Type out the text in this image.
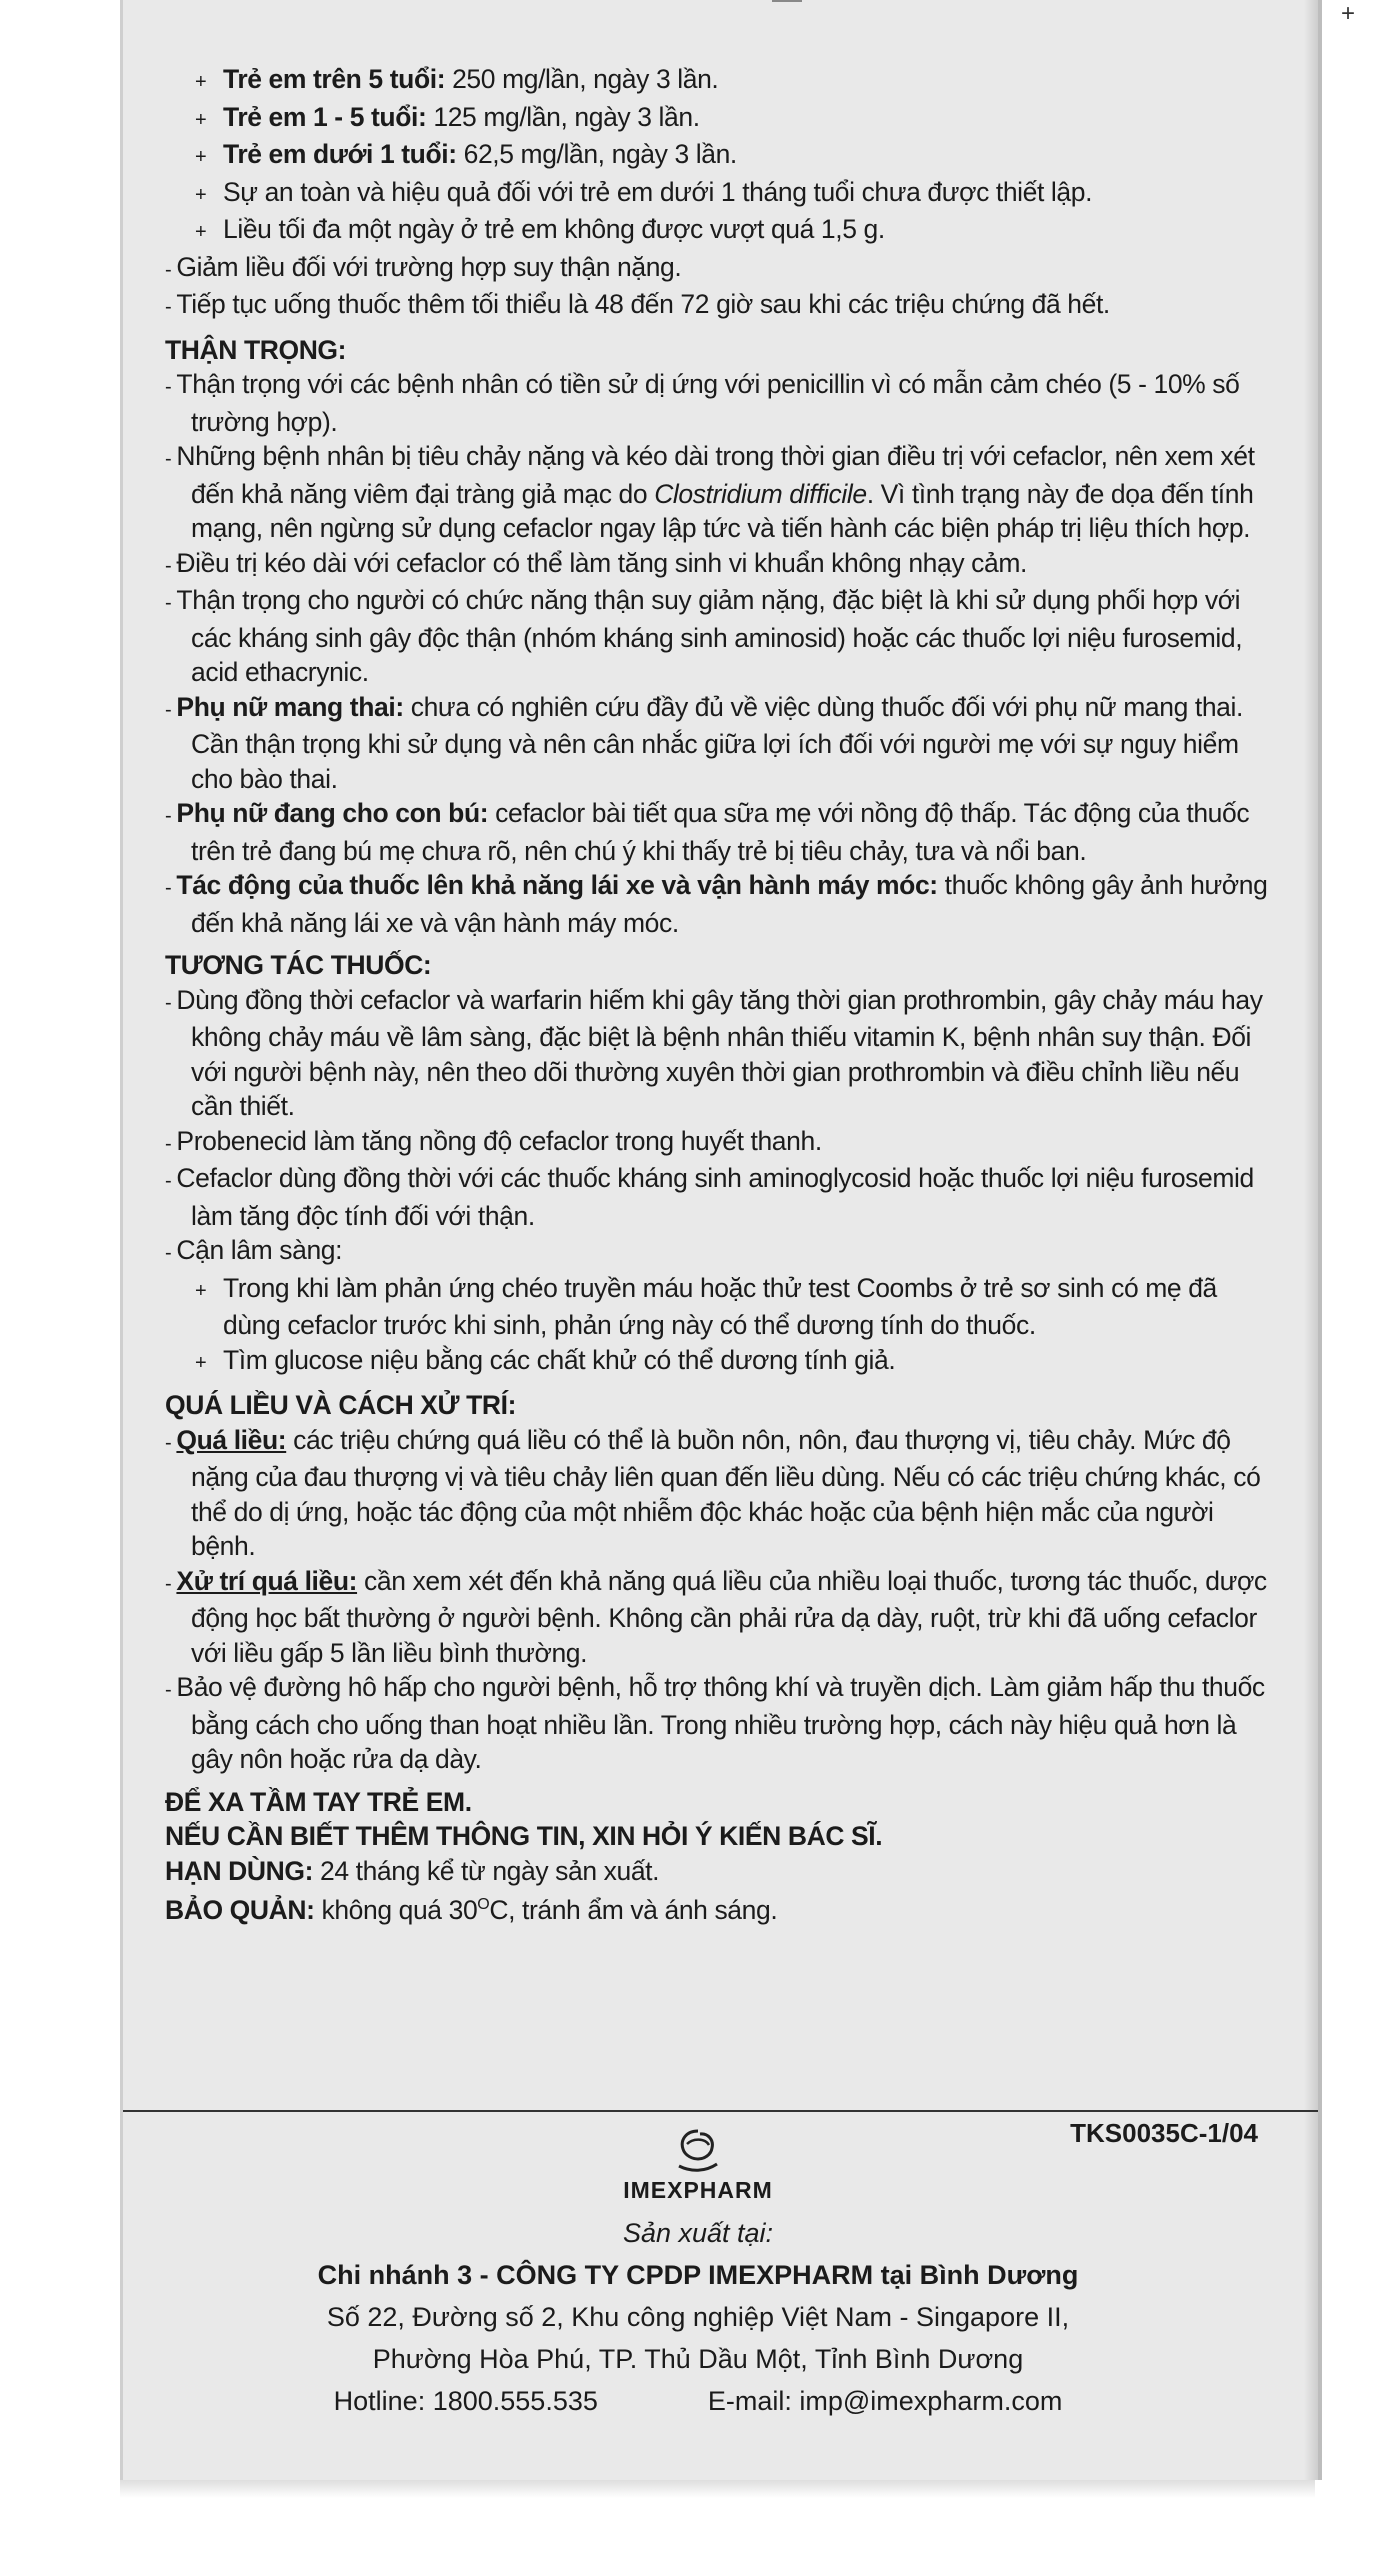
+ Trẻ em trên 5 tuổi: 250 mg/lần, ngày 3 lần.

+ Trẻ em 1 - 5 tuổi: 125 mg/lần, ngày 3 lần.

+ Trẻ em dưới 1 tuổi: 62,5 mg/lần, ngày 3 lần.

+ Sự an toàn và hiệu quả đối với trẻ em dưới 1 tháng tuổi chưa được thiết lập.

+ Liều tối đa một ngày ở trẻ em không được vượt quá 1,5 g.

- Giảm liều đối với trường hợp suy thận nặng.

- Tiếp tục uống thuốc thêm tối thiểu là 48 đến 72 giờ sau khi các triệu chứng đã hết.

THẬN TRỌNG:

- Thận trọng với các bệnh nhân có tiền sử dị ứng với penicillin vì có mẫn cảm chéo (5 - 10% số trường hợp).

- Những bệnh nhân bị tiêu chảy nặng và kéo dài trong thời gian điều trị với cefaclor, nên xem xét đến khả năng viêm đại tràng giả mạc do Clostridium difficile. Vì tình trạng này đe dọa đến tính mạng, nên ngừng sử dụng cefaclor ngay lập tức và tiến hành các biện pháp trị liệu thích hợp.

- Điều trị kéo dài với cefaclor có thể làm tăng sinh vi khuẩn không nhạy cảm.

- Thận trọng cho người có chức năng thận suy giảm nặng, đặc biệt là khi sử dụng phối hợp với các kháng sinh gây độc thận (nhóm kháng sinh aminosid) hoặc các thuốc lợi niệu furosemid, acid ethacrynic.

- Phụ nữ mang thai: chưa có nghiên cứu đầy đủ về việc dùng thuốc đối với phụ nữ mang thai. Cần thận trọng khi sử dụng và nên cân nhắc giữa lợi ích đối với người mẹ với sự nguy hiểm cho bào thai.

- Phụ nữ đang cho con bú: cefaclor bài tiết qua sữa mẹ với nồng độ thấp. Tác động của thuốc trên trẻ đang bú mẹ chưa rõ, nên chú ý khi thấy trẻ bị tiêu chảy, tưa và nổi ban.

- Tác động của thuốc lên khả năng lái xe và vận hành máy móc: thuốc không gây ảnh hưởng đến khả năng lái xe và vận hành máy móc.

TƯƠNG TÁC THUỐC:

- Dùng đồng thời cefaclor và warfarin hiếm khi gây tăng thời gian prothrombin, gây chảy máu hay không chảy máu về lâm sàng, đặc biệt là bệnh nhân thiếu vitamin K, bệnh nhân suy thận. Đối với người bệnh này, nên theo dõi thường xuyên thời gian prothrombin và điều chỉnh liều nếu cần thiết.

- Probenecid làm tăng nồng độ cefaclor trong huyết thanh.

- Cefaclor dùng đồng thời với các thuốc kháng sinh aminoglycosid hoặc thuốc lợi niệu furosemid làm tăng độc tính đối với thận.

- Cận lâm sàng:

+ Trong khi làm phản ứng chéo truyền máu hoặc thử test Coombs ở trẻ sơ sinh có mẹ đã dùng cefaclor trước khi sinh, phản ứng này có thể dương tính do thuốc.

+ Tìm glucose niệu bằng các chất khử có thể dương tính giả.

QUÁ LIỀU VÀ CÁCH XỬ TRÍ:

- Quá liều: các triệu chứng quá liều có thể là buồn nôn, nôn, đau thượng vị, tiêu chảy. Mức độ nặng của đau thượng vị và tiêu chảy liên quan đến liều dùng. Nếu có các triệu chứng khác, có thể do dị ứng, hoặc tác động của một nhiễm độc khác hoặc của bệnh hiện mắc của người bệnh.

- Xử trí quá liều: cần xem xét đến khả năng quá liều của nhiều loại thuốc, tương tác thuốc, dược động học bất thường ở người bệnh. Không cần phải rửa dạ dày, ruột, trừ khi đã uống cefaclor với liều gấp 5 lần liều bình thường.

- Bảo vệ đường hô hấp cho người bệnh, hỗ trợ thông khí và truyền dịch. Làm giảm hấp thu thuốc bằng cách cho uống than hoạt nhiều lần. Trong nhiều trường hợp, cách này hiệu quả hơn là gây nôn hoặc rửa dạ dày.

ĐỂ XA TẦM TAY TRẺ EM.

NẾU CẦN BIẾT THÊM THÔNG TIN, XIN HỎI Ý KIẾN BÁC SĨ.

HẠN DÙNG: 24 tháng kể từ ngày sản xuất.

BẢO QUẢN: không quá $30^OC$, tránh ẩm và ánh sáng.

TKS0035C-1/04
IMEXPHARM
Sản xuất tại:
Chi nhánh 3 - CÔNG TY CPDP IMEXPHARM tại Bình Dương
Số 22, Đường số 2, Khu công nghiệp Việt Nam - Singapore II,
Phường Hòa Phú, TP. Thủ Dầu Một, Tỉnh Bình Dương
Hotline: 1800.555.535	E-mail: imp@imexpharm.com
+
